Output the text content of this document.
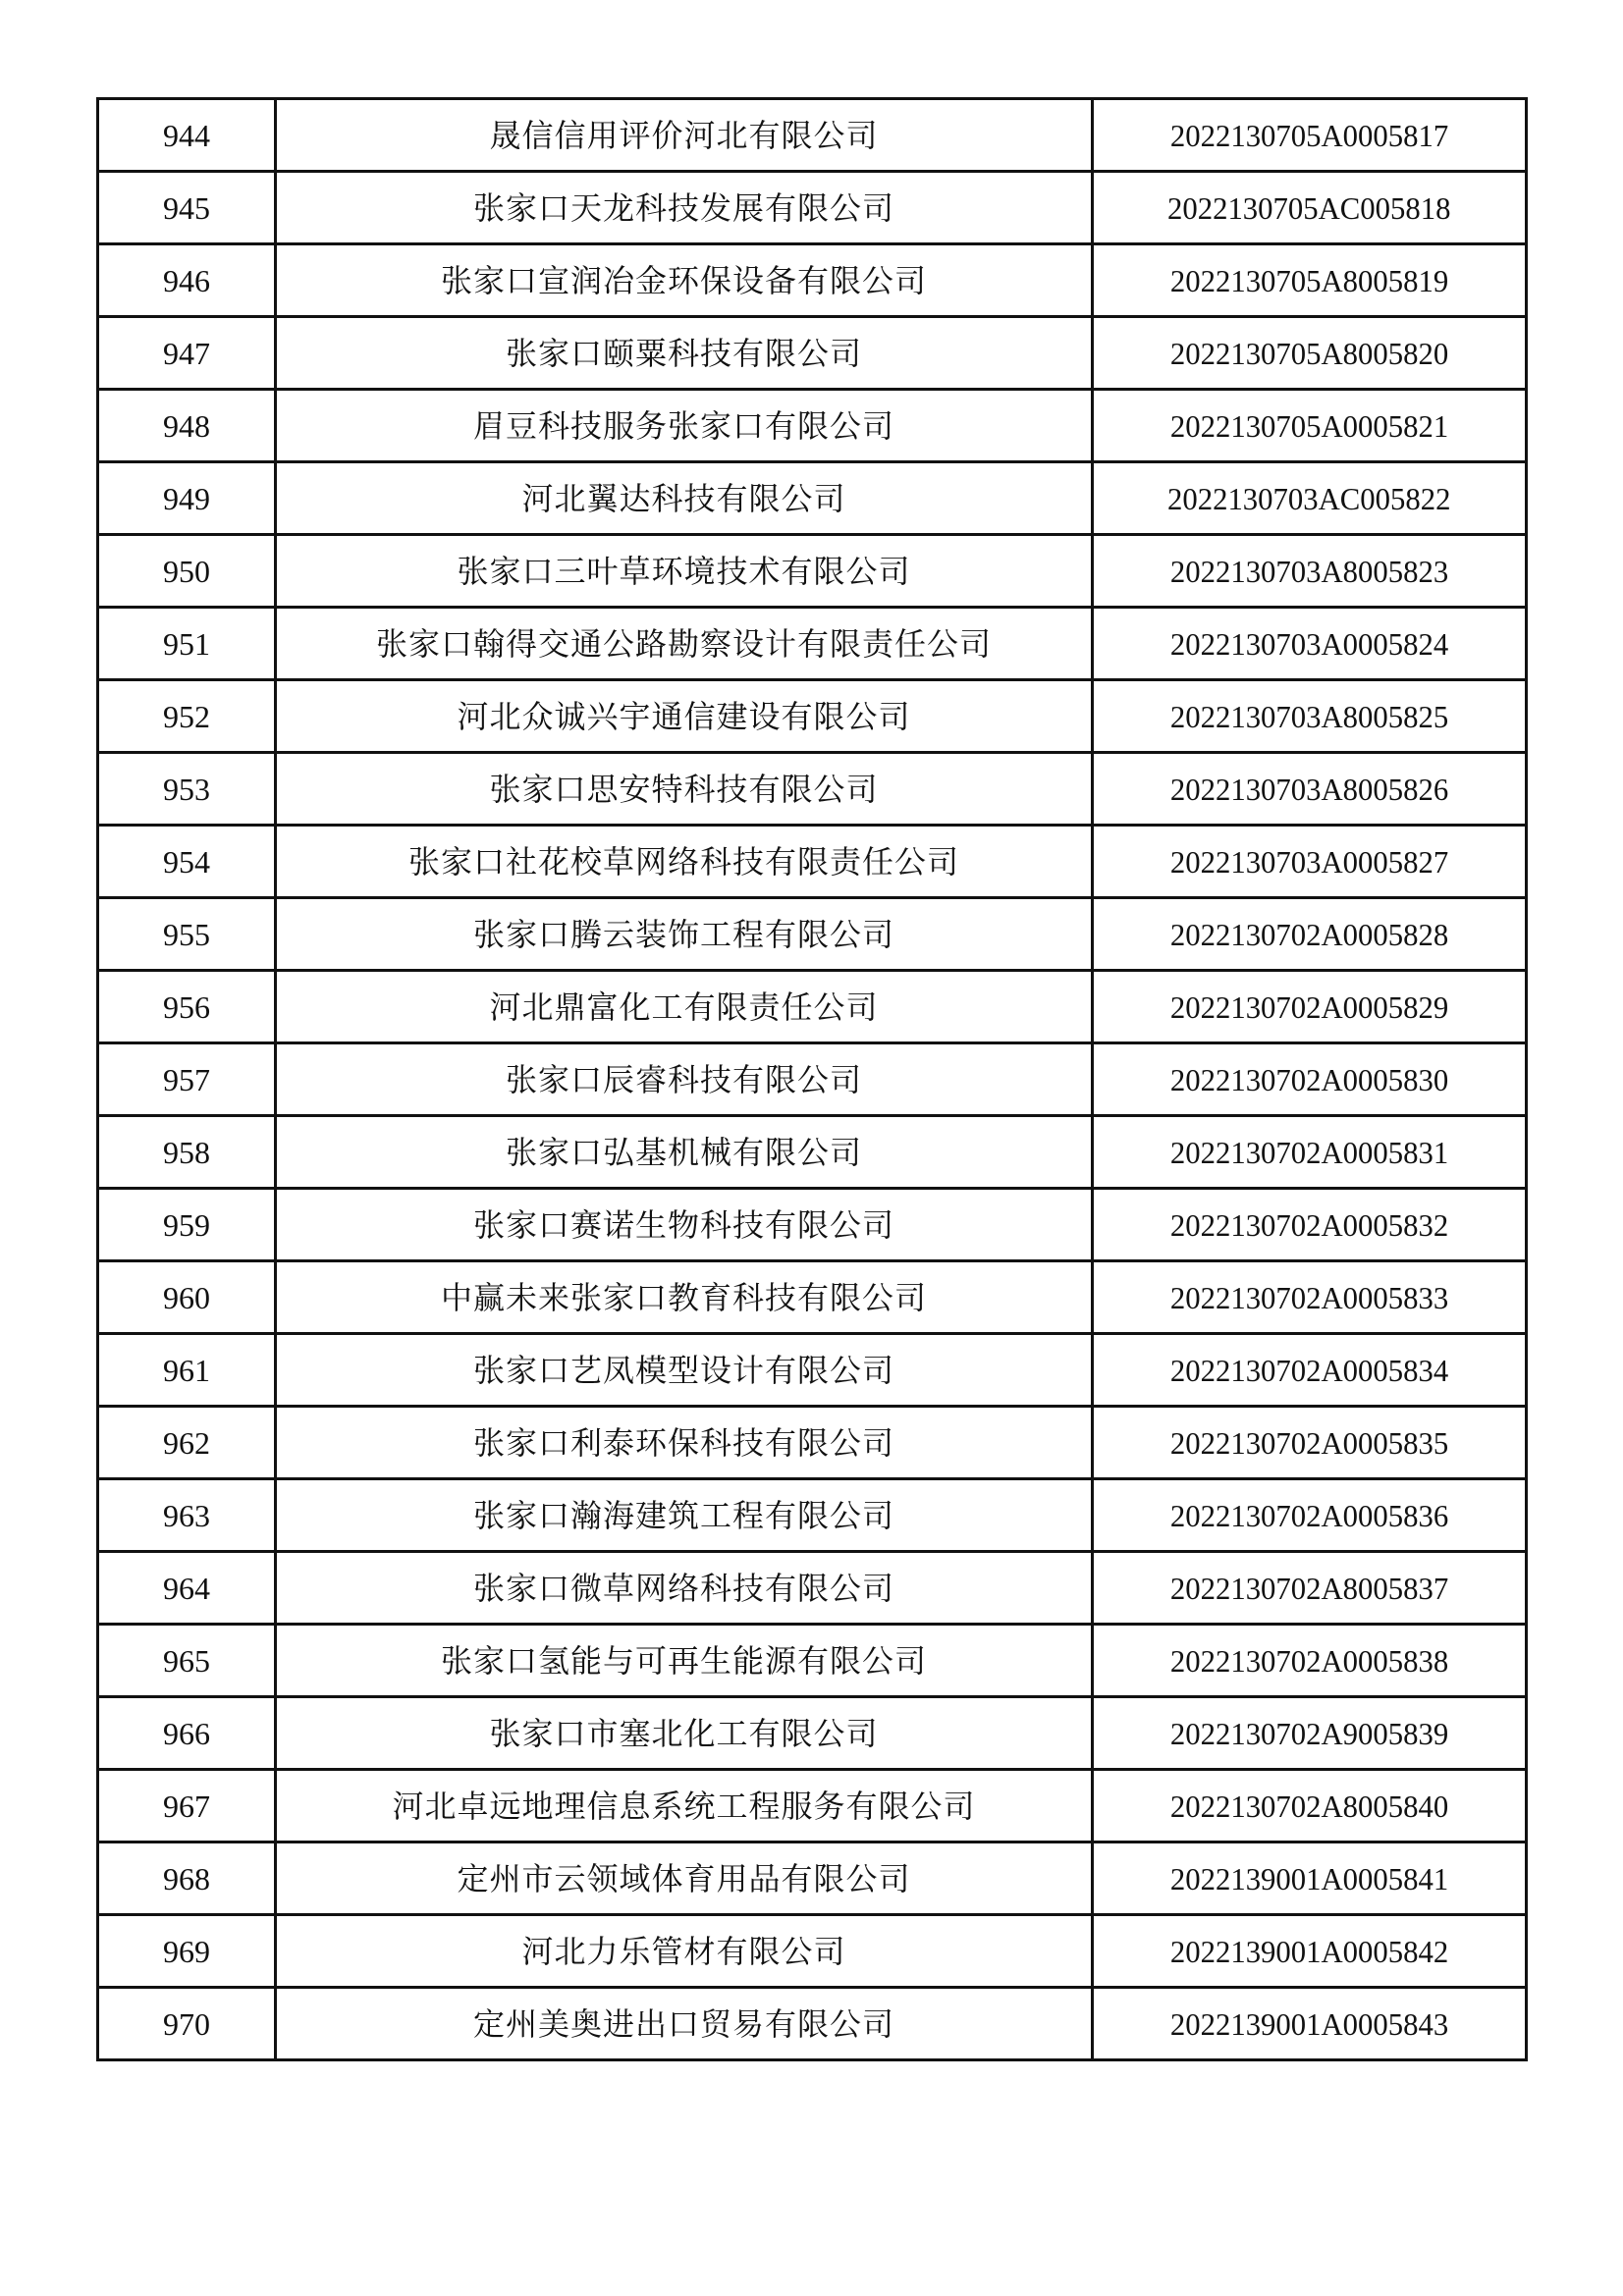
944	晟信信用评价河北有限公司	2022130705A0005817
945	张家口天龙科技发展有限公司	2022130705AC005818
946	张家口宣润冶金环保设备有限公司	2022130705A8005819
947	张家口颐粟科技有限公司	2022130705A8005820
948	眉豆科技服务张家口有限公司	2022130705A0005821
949	河北翼达科技有限公司	2022130703AC005822
950	张家口三叶草环境技术有限公司	2022130703A8005823
951	张家口翰得交通公路勘察设计有限责任公司	2022130703A0005824
952	河北众诚兴宇通信建设有限公司	2022130703A8005825
953	张家口思安特科技有限公司	2022130703A8005826
954	张家口社花校草网络科技有限责任公司	2022130703A0005827
955	张家口腾云装饰工程有限公司	2022130702A0005828
956	河北鼎富化工有限责任公司	2022130702A0005829
957	张家口辰睿科技有限公司	2022130702A0005830
958	张家口弘基机械有限公司	2022130702A0005831
959	张家口赛诺生物科技有限公司	2022130702A0005832
960	中赢未来张家口教育科技有限公司	2022130702A0005833
961	张家口艺凤模型设计有限公司	2022130702A0005834
962	张家口利泰环保科技有限公司	2022130702A0005835
963	张家口瀚海建筑工程有限公司	2022130702A0005836
964	张家口微草网络科技有限公司	2022130702A8005837
965	张家口氢能与可再生能源有限公司	2022130702A0005838
966	张家口市塞北化工有限公司	2022130702A9005839
967	河北卓远地理信息系统工程服务有限公司	2022130702A8005840
968	定州市云领域体育用品有限公司	2022139001A0005841
969	河北力乐管材有限公司	2022139001A0005842
970	定州美奥进出口贸易有限公司	2022139001A0005843
